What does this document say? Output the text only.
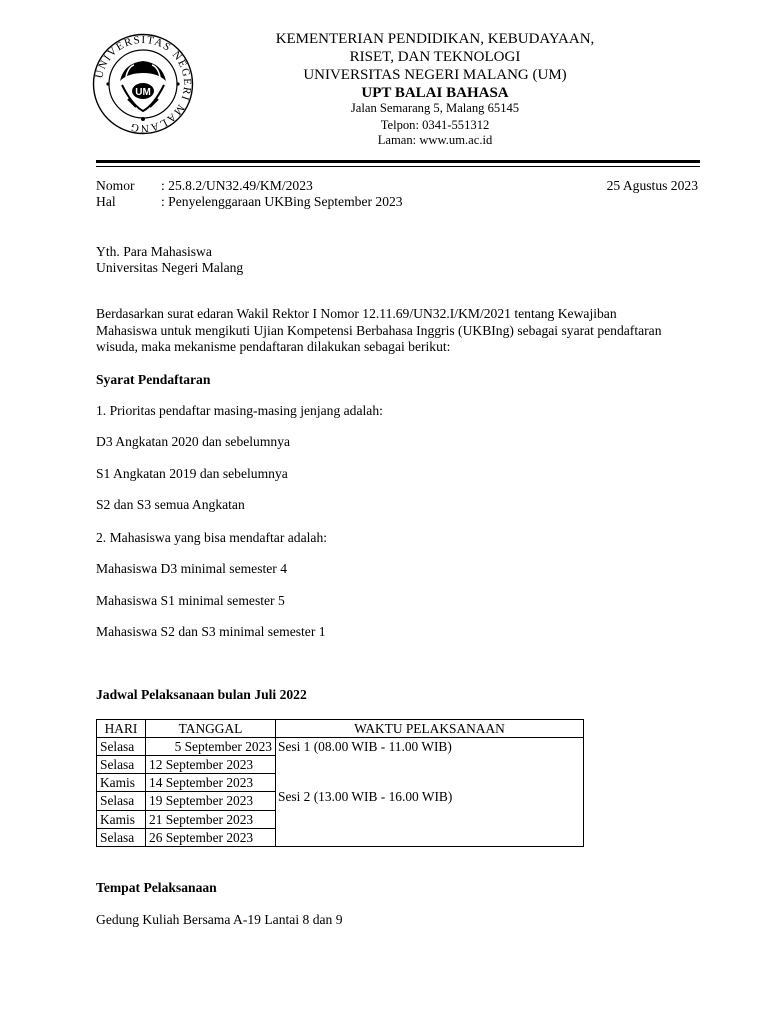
UNIVERSITAS NEGERI MALANG
UM
KEMENTERIAN PENDIDIKAN, KEBUDAYAAN,
RISET, DAN TEKNOLOGI
UNIVERSITAS NEGERI MALANG (UM)
UPT BALAI BAHASA
Jalan Semarang 5, Malang 65145
Telpon: 0341-551312
Laman: www.um.ac.id
Nomor : 25.8.2/UN32.49/KM/2023	25 Agustus 2023
Hal	: Penyelenggaraan UKBing September 2023
Yth. Para Mahasiswa
Universitas Negeri Malang
Berdasarkan surat edaran Wakil Rektor I Nomor 12.11.69/UN32.I/KM/2021 tentang Kewajiban Mahasiswa untuk mengikuti Ujian Kompetensi Berbahasa Inggris (UKBIng) sebagai syarat pendaftaran wisuda, maka mekanisme pendaftaran dilakukan sebagai berikut:
Syarat Pendaftaran
1. Prioritas pendaftar masing-masing jenjang adalah:
D3 Angkatan 2020 dan sebelumnya
S1 Angkatan 2019 dan sebelumnya
S2 dan S3 semua Angkatan
2. Mahasiswa yang bisa mendaftar adalah:
Mahasiswa D3 minimal semester 4
Mahasiswa S1 minimal semester 5
Mahasiswa S2 dan S3 minimal semester 1
Jadwal Pelaksanaan bulan Juli 2022
HARI	TANGGAL	WAKTU PELAKSANAAN
Selasa	5 September 2023	Sesi 1 (08.00 WIB - 11.00 WIB)
Sesi 2 (13.00 WIB - 16.00 WIB)

Selasa	12 September 2023	
Kamis	14 September 2023	
Selasa	19 September 2023	
Kamis	21 September 2023	
Selasa	26 September 2023	
Tempat Pelaksanaan
Gedung Kuliah Bersama A-19 Lantai 8 dan 9
